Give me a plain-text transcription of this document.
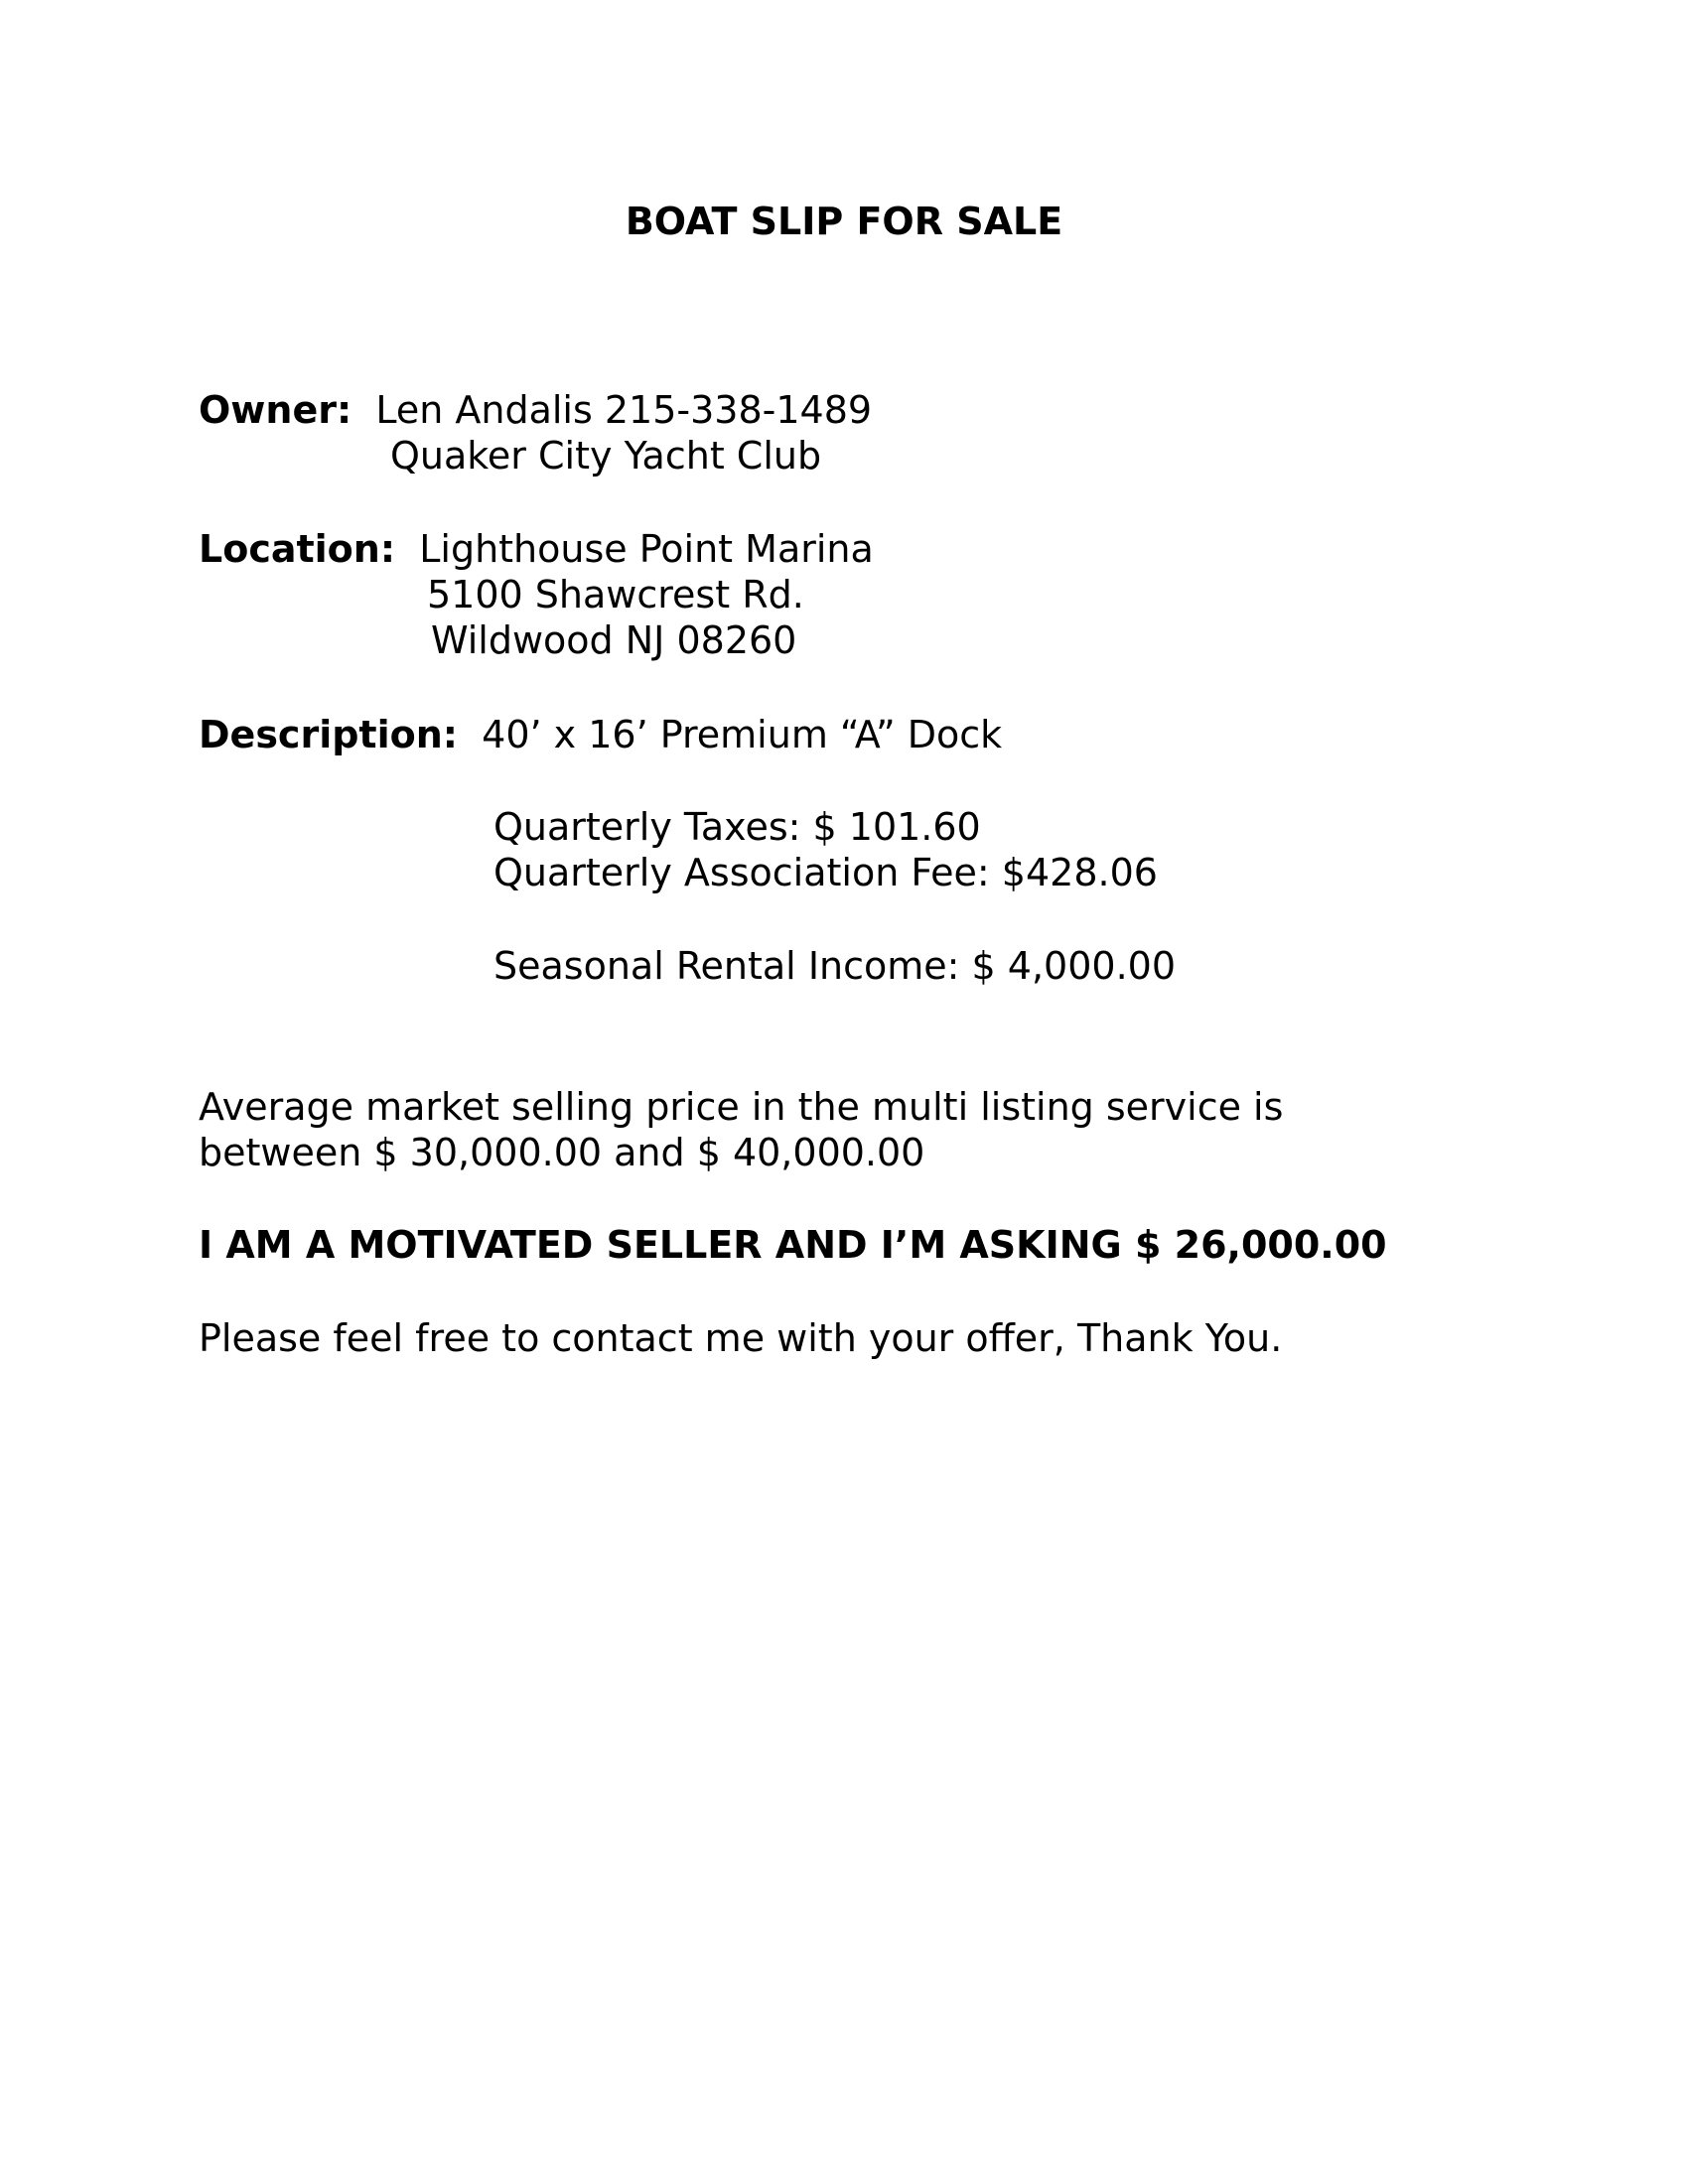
BOAT SLIP FOR SALE
Owner: Len Andalis 215-338-1489
Quaker City Yacht Club
Location: Lighthouse Point Marina
5100 Shawcrest Rd.
Wildwood NJ 08260
Description: 40’ x 16’ Premium “A” Dock
Quarterly Taxes: $ 101.60
Quarterly Association Fee: $428.06
Seasonal Rental Income: $ 4,000.00
Average market selling price in the multi listing service is
between $ 30,000.00 and $ 40,000.00
I AM A MOTIVATED SELLER AND I’M ASKING $ 26,000.00
Please feel free to contact me with your offer, Thank You.
